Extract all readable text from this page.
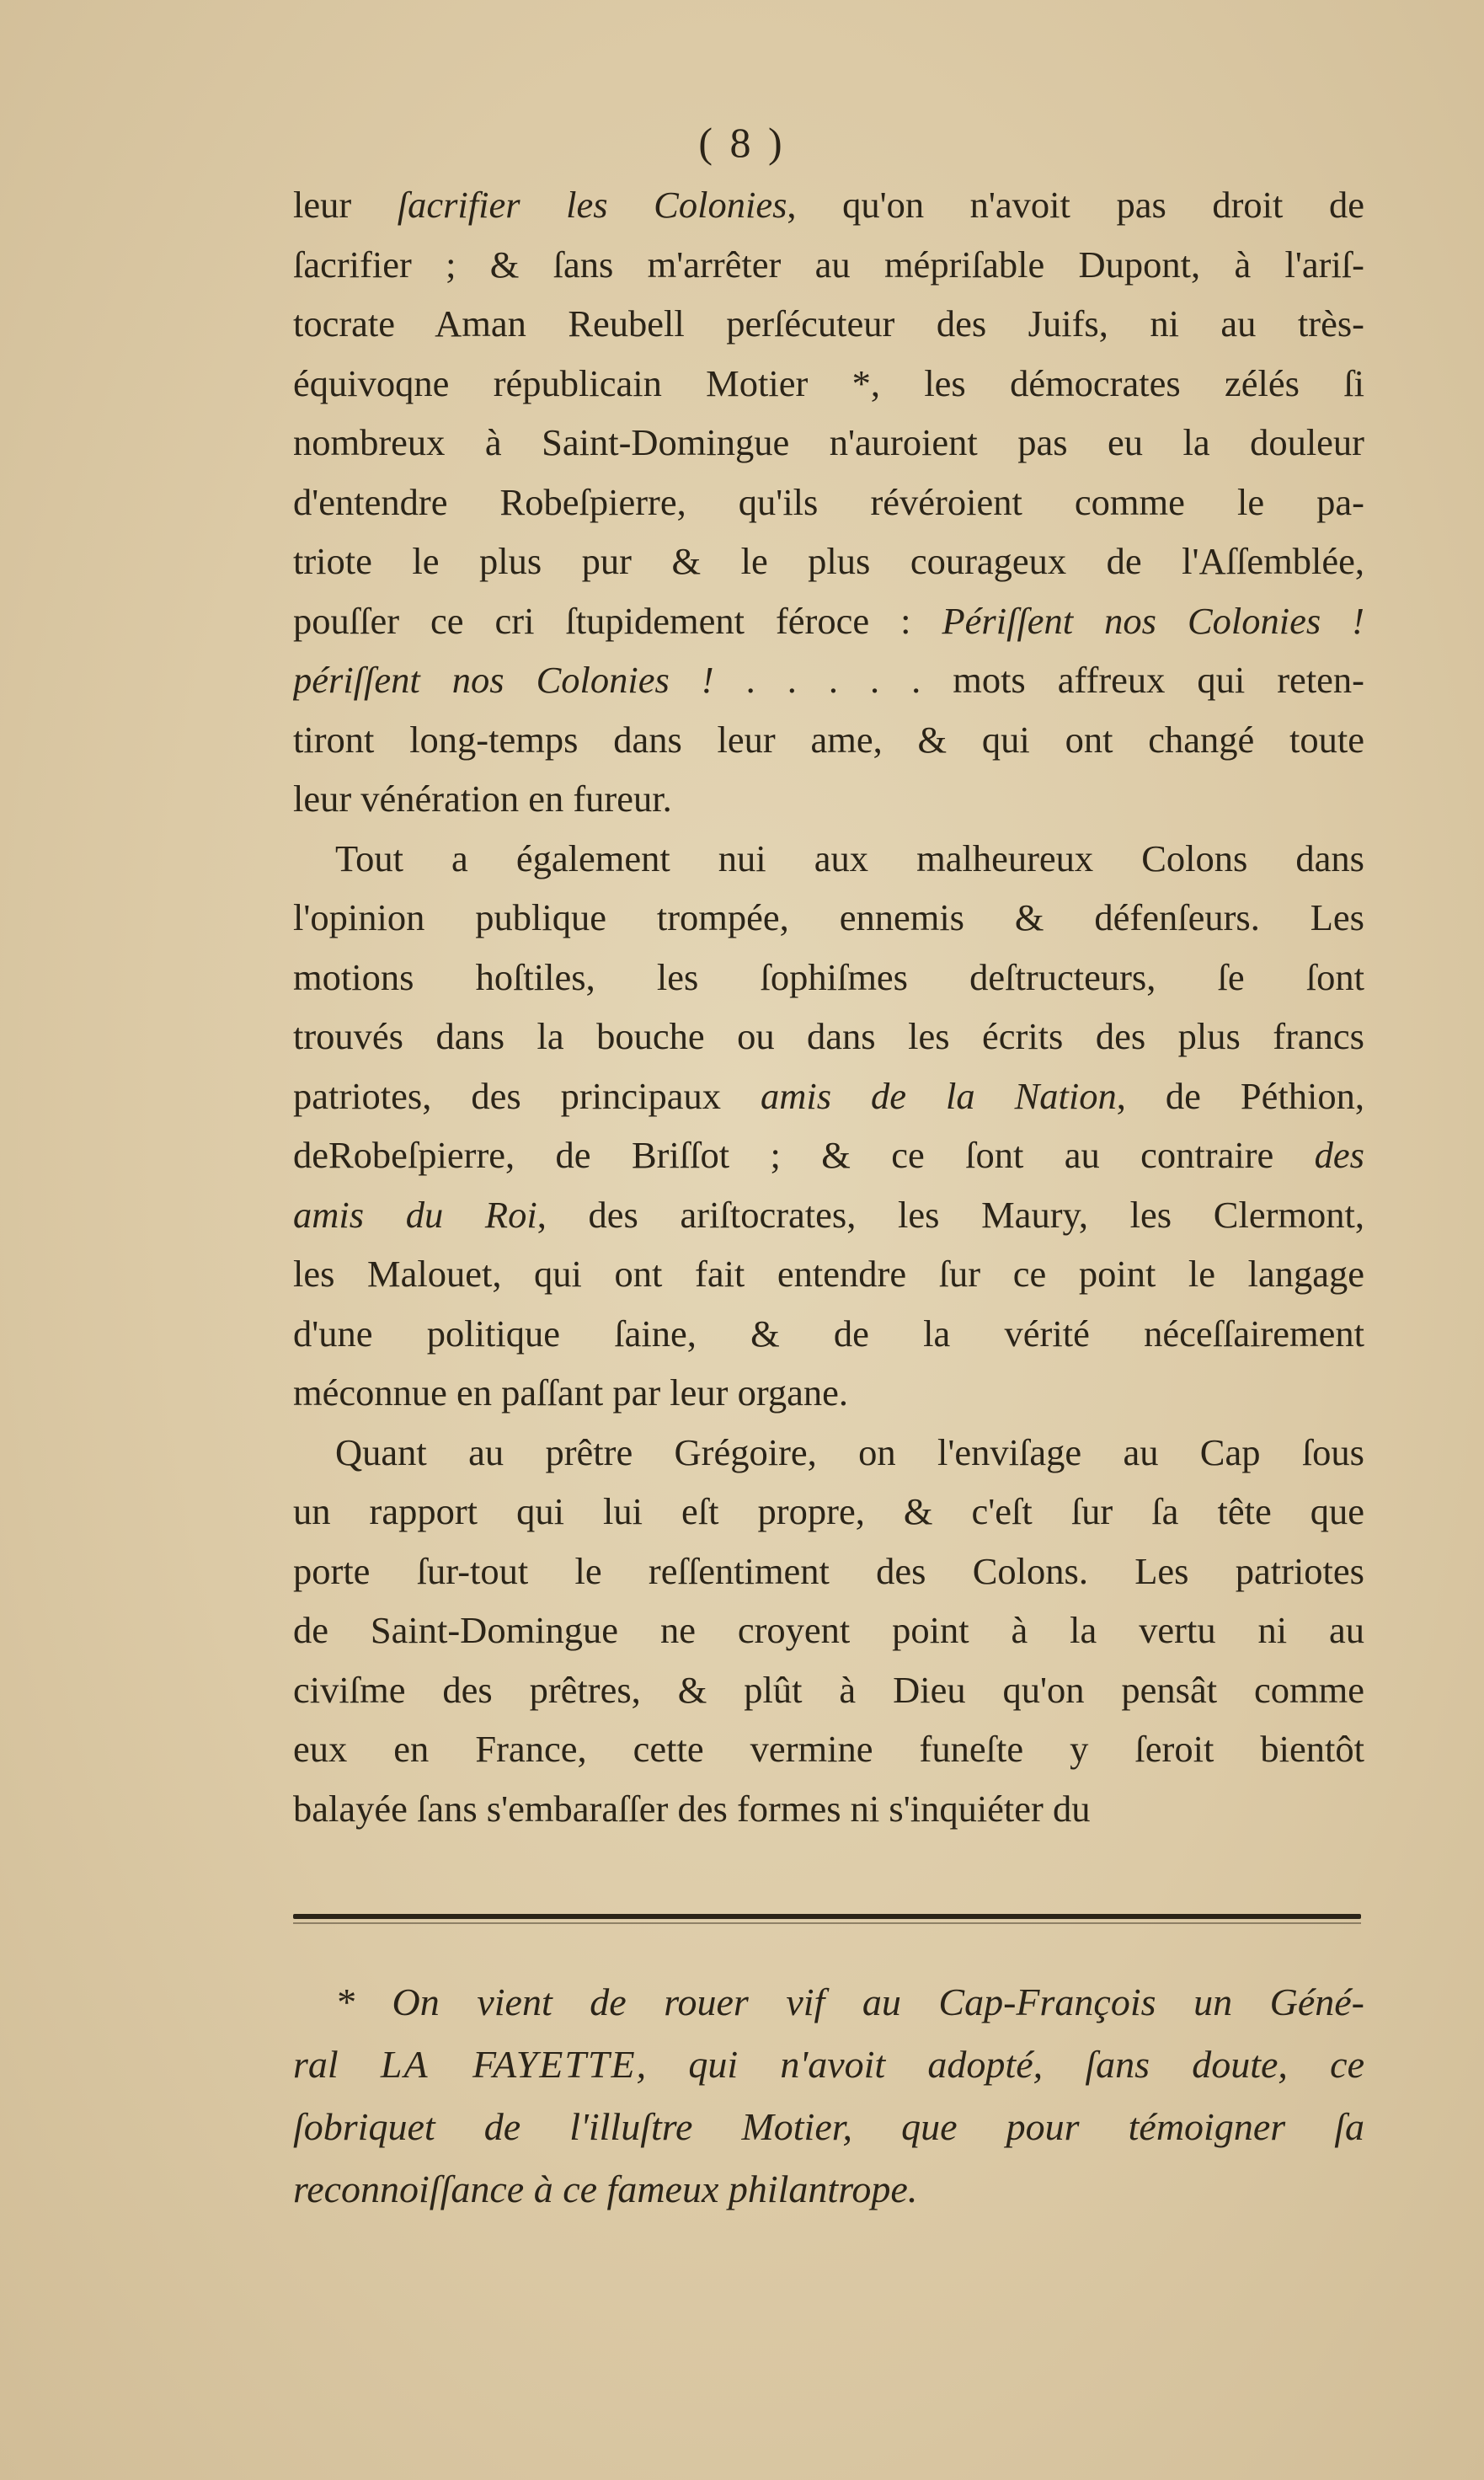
( 8 )
leur ſacrifier les Colonies, qu'on n'avoit pas droit de
ſacrifier ; & ſans m'arrêter au mépriſable Dupont, à l'ariſ-
tocrate Aman Reubell perſécuteur des Juifs, ni au très-
équivoqne républicain Motier *, les démocrates zélés ſi
nombreux à Saint-Domingue n'auroient pas eu la douleur
d'entendre Robeſpierre, qu'ils révéroient comme le pa-
triote le plus pur & le plus courageux de l'Aſſemblée,
pouſſer ce cri ſtupidement féroce : Périſſent nos Colonies !
périſſent nos Colonies ! . . . . . mots affreux qui reten-
tiront long-temps dans leur ame, & qui ont changé toute
leur vénération en fureur.
Tout a également nui aux malheureux Colons dans
l'opinion publique trompée, ennemis & défenſeurs. Les
motions hoſtiles, les ſophiſmes deſtructeurs, ſe ſont
trouvés dans la bouche ou dans les écrits des plus francs
patriotes, des principaux amis de la Nation, de Péthion,
deRobeſpierre, de Briſſot ; & ce ſont au contraire des
amis du Roi, des ariſtocrates, les Maury, les Clermont,
les Malouet, qui ont fait entendre ſur ce point le langage
d'une politique ſaine, & de la vérité néceſſairement
méconnue en paſſant par leur organe.
Quant au prêtre Grégoire, on l'enviſage au Cap ſous
un rapport qui lui eſt propre, & c'eſt ſur ſa tête que
porte ſur-tout le reſſentiment des Colons. Les patriotes
de Saint-Domingue ne croyent point à la vertu ni au
civiſme des prêtres, & plût à Dieu qu'on pensât comme
eux en France, cette vermine funeſte y ſeroit bientôt
balayée ſans s'embaraſſer des formes ni s'inquiéter du
* On vient de rouer vif au Cap-François un Géné-
ral LA FAYETTE, qui n'avoit adopté, ſans doute, ce
ſobriquet de l'illuſtre Motier, que pour témoigner ſa
reconnoiſſance à ce fameux philantrope.
